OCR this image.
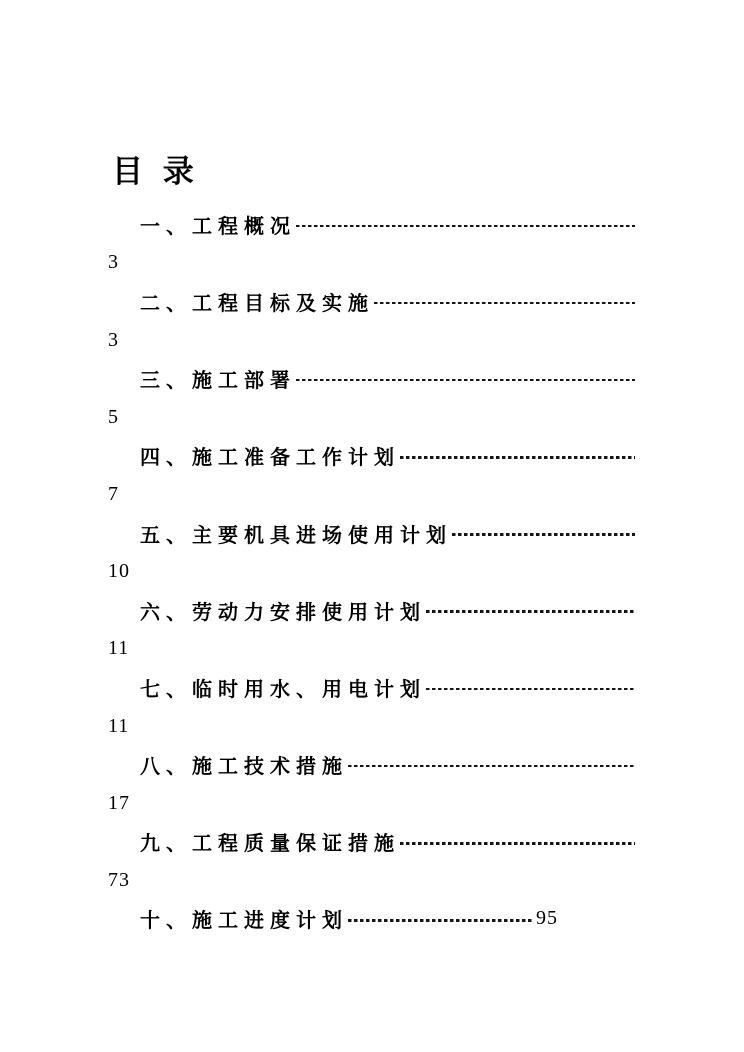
目 录
一、工程概况
3
二、工程目标及实施
3
三、施工部署
5
四、施工准备工作计划
7
五、主要机具进场使用计划
10
六、劳动力安排使用计划
11
七、临时用水、用电计划
11
八、施工技术措施
17
九、工程质量保证措施
73
十、施工进度计划	95
